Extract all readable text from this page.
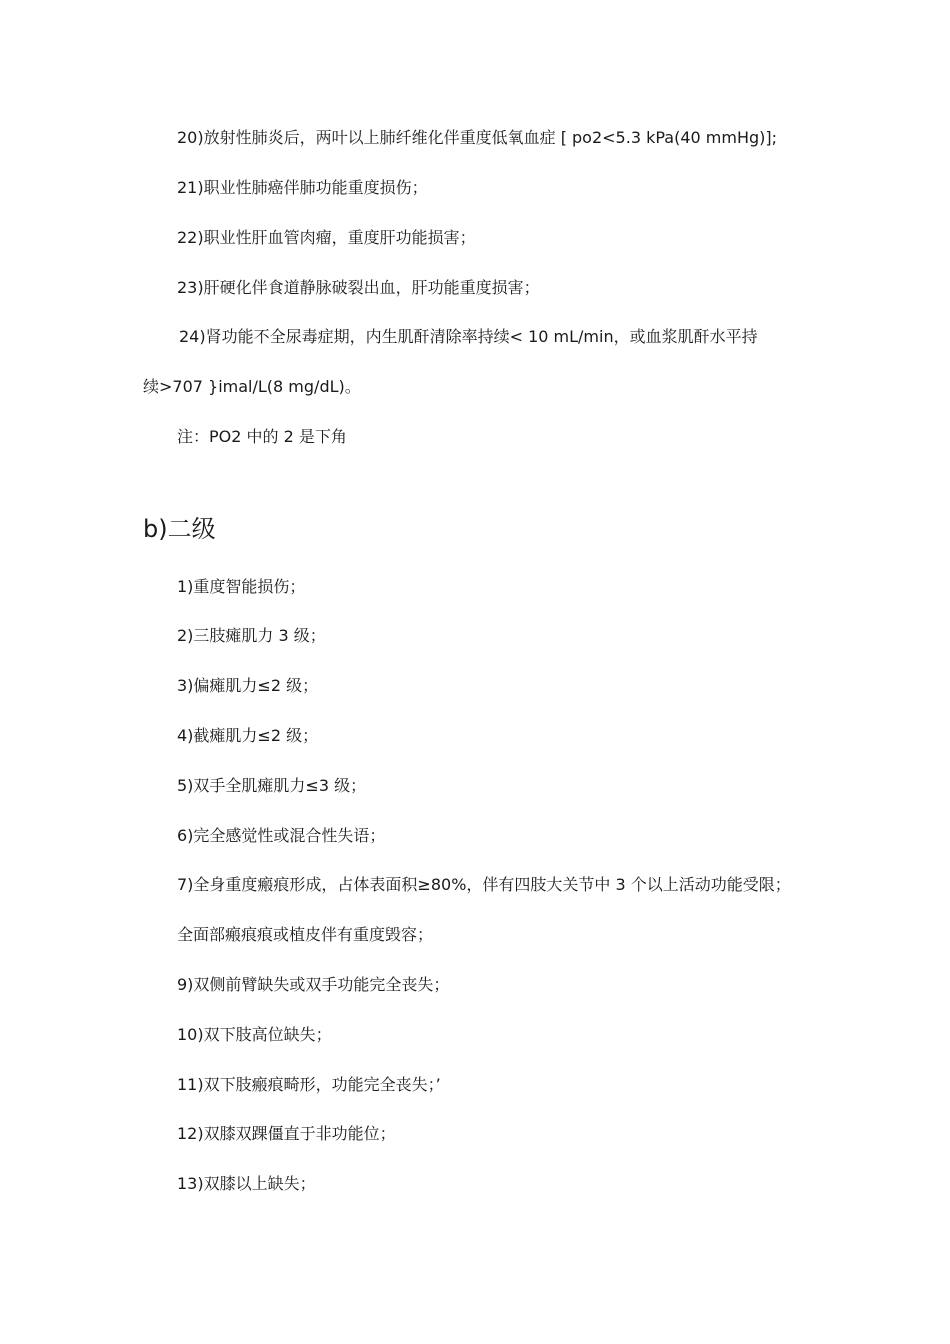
20)放射性肺炎后，两叶以上肺纤维化伴重度低氧血症 [ po2<5.3 kPa(40 mmHg)];
21)职业性肺癌伴肺功能重度损伤；
22)职业性肝血管肉瘤，重度肝功能损害；
23)肝硬化伴食道静脉破裂出血，肝功能重度损害；
24)肾功能不全尿毒症期，内生肌酐清除率持续< 10 mL/min，或血浆肌酐水平持
续>707 }imal/L(8 mg/dL)。
注：PO2 中的 2 是下角
b)二级
1)重度智能损伤；
2)三肢瘫肌力 3 级；
3)偏瘫肌力≤2 级；
4)截瘫肌力≤2 级；
5)双手全肌瘫肌力≤3 级；
6)完全感觉性或混合性失语；
7)全身重度瘢痕形成，占体表面积≥80%，伴有四肢大关节中 3 个以上活动功能受限；
全面部瘢痕痕或植皮伴有重度毁容；
9)双侧前臂缺失或双手功能完全丧失；
10)双下肢高位缺失；
11)双下肢瘢痕畸形，功能完全丧失；’
12)双膝双踝僵直于非功能位；
13)双膝以上缺失；
